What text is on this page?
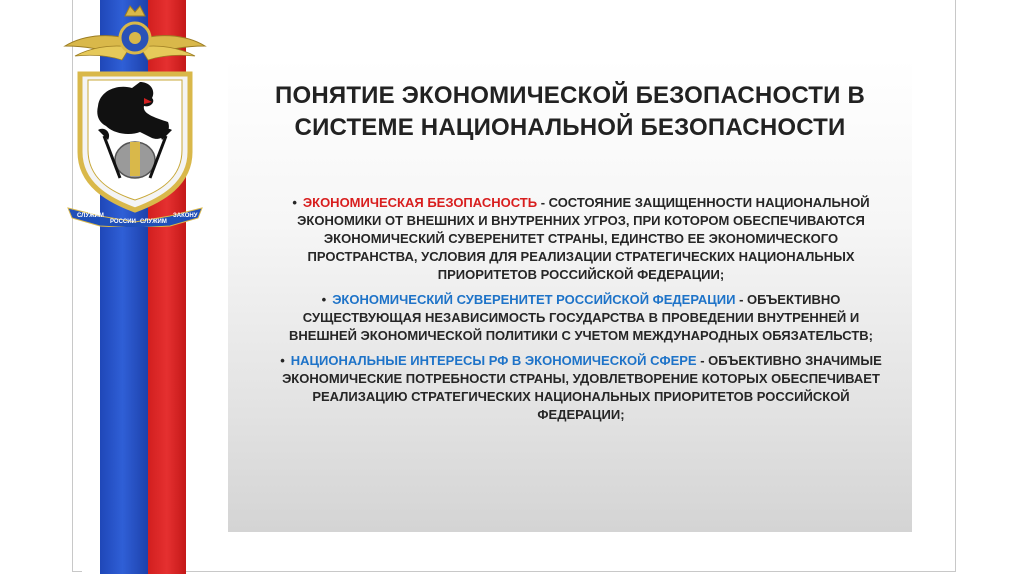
СЛУЖИМ
РОССИИ СЛУЖИМ
ЗАКОНУ
ПОНЯТИЕ ЭКОНОМИЧЕСКОЙ БЕЗОПАСНОСТИ В
СИСТЕМЕ НАЦИОНАЛЬНОЙ БЕЗОПАСНОСТИ
• ЭКОНОМИЧЕСКАЯ БЕЗОПАСНОСТЬ - СОСТОЯНИЕ ЗАЩИЩЕННОСТИ НАЦИОНАЛЬНОЙ ЭКОНОМИКИ ОТ ВНЕШНИХ И ВНУТРЕННИХ УГРОЗ, ПРИ КОТОРОМ ОБЕСПЕЧИВАЮТСЯ ЭКОНОМИЧЕСКИЙ СУВЕРЕНИТЕТ СТРАНЫ, ЕДИНСТВО ЕЕ ЭКОНОМИЧЕСКОГО ПРОСТРАНСТВА, УСЛОВИЯ ДЛЯ РЕАЛИЗАЦИИ СТРАТЕГИЧЕСКИХ НАЦИОНАЛЬНЫХ ПРИОРИТЕТОВ РОССИЙСКОЙ ФЕДЕРАЦИИ;
• ЭКОНОМИЧЕСКИЙ СУВЕРЕНИТЕТ РОССИЙСКОЙ ФЕДЕРАЦИИ - ОБЪЕКТИВНО СУЩЕСТВУЮЩАЯ НЕЗАВИСИМОСТЬ ГОСУДАРСТВА В ПРОВЕДЕНИИ ВНУТРЕННЕЙ И ВНЕШНЕЙ ЭКОНОМИЧЕСКОЙ ПОЛИТИКИ С УЧЕТОМ МЕЖДУНАРОДНЫХ ОБЯЗАТЕЛЬСТВ;
• НАЦИОНАЛЬНЫЕ ИНТЕРЕСЫ РФ В ЭКОНОМИЧЕСКОЙ СФЕРЕ - ОБЪЕКТИВНО ЗНАЧИМЫЕ ЭКОНОМИЧЕСКИЕ ПОТРЕБНОСТИ СТРАНЫ, УДОВЛЕТВОРЕНИЕ КОТОРЫХ ОБЕСПЕЧИВАЕТ РЕАЛИЗАЦИЮ СТРАТЕГИЧЕСКИХ НАЦИОНАЛЬНЫХ ПРИОРИТЕТОВ РОССИЙСКОЙ ФЕДЕРАЦИИ;
